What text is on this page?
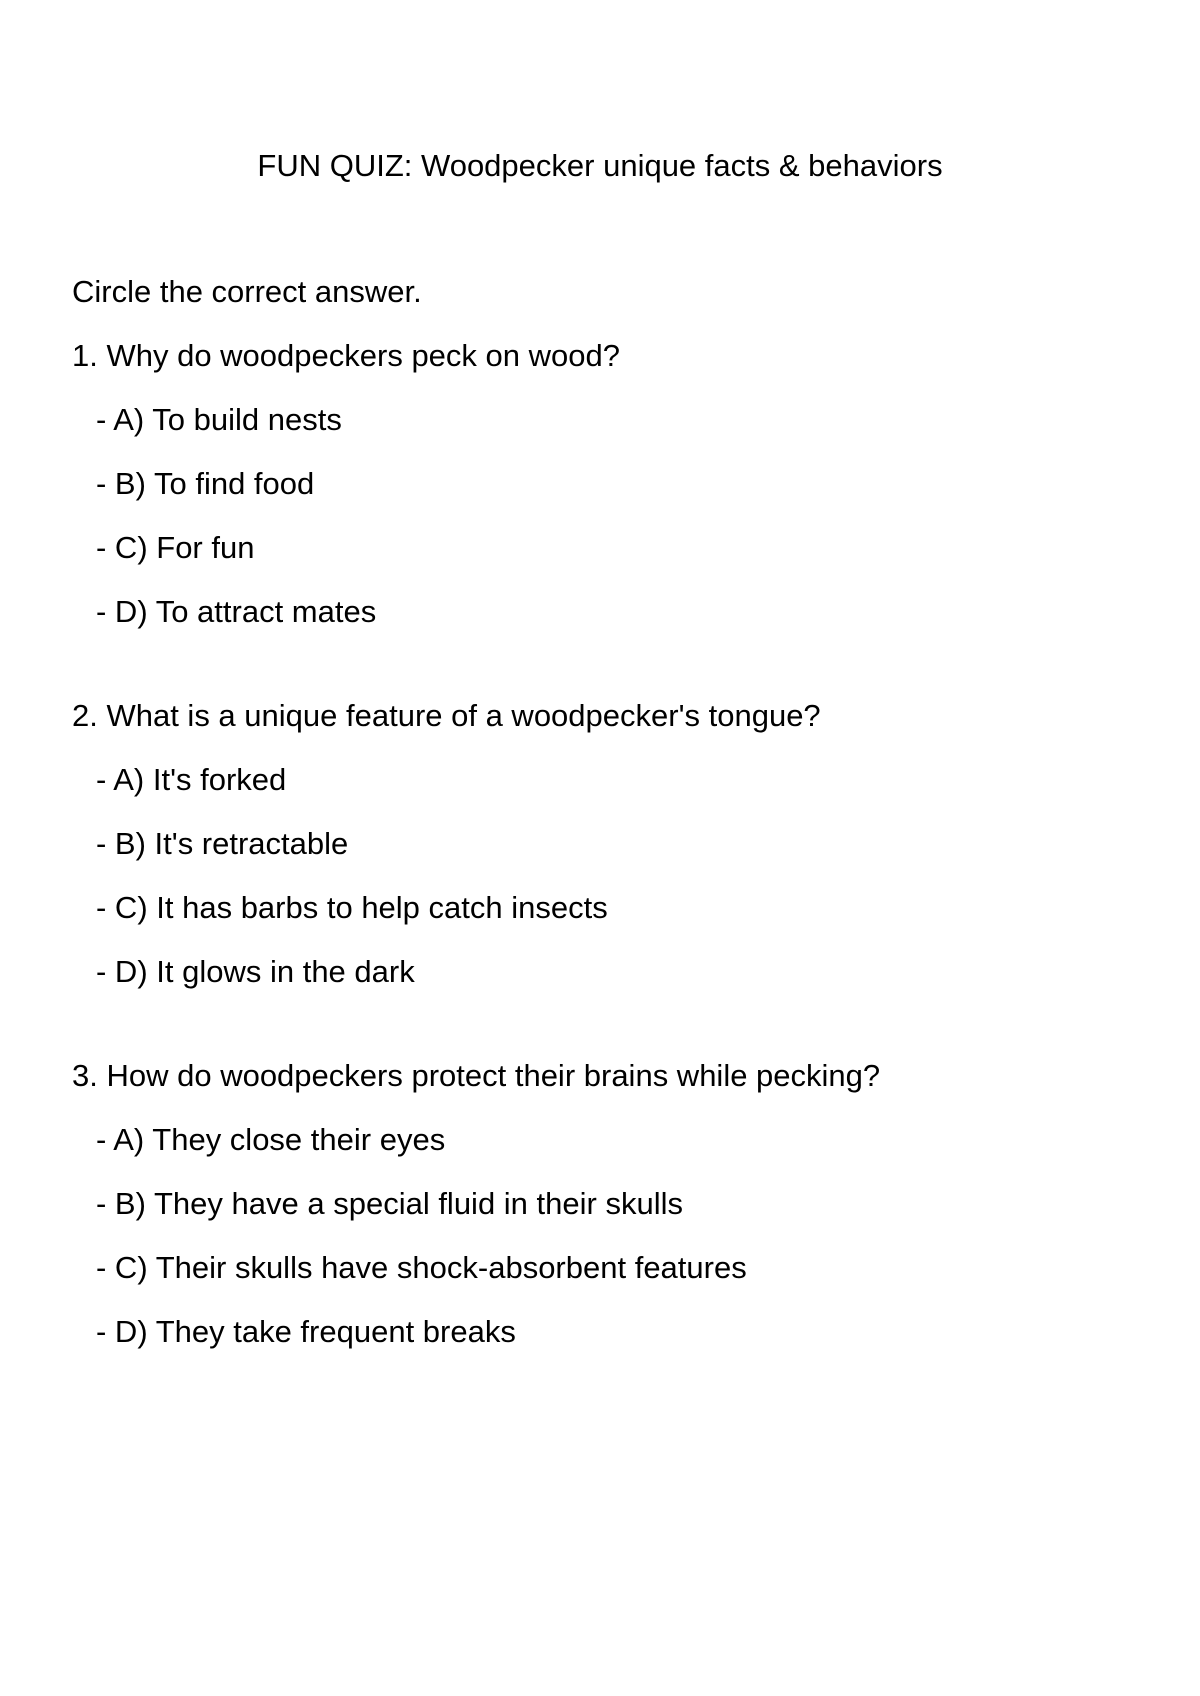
FUN QUIZ: Woodpecker unique facts & behaviors
Circle the correct answer.
1. Why do woodpeckers peck on wood?
- A) To build nests
- B) To find food
- C) For fun
- D) To attract mates
2. What is a unique feature of a woodpecker's tongue?
- A) It's forked
- B) It's retractable
- C) It has barbs to help catch insects
- D) It glows in the dark
3. How do woodpeckers protect their brains while pecking?
- A) They close their eyes
- B) They have a special fluid in their skulls
- C) Their skulls have shock-absorbent features
- D) They take frequent breaks
